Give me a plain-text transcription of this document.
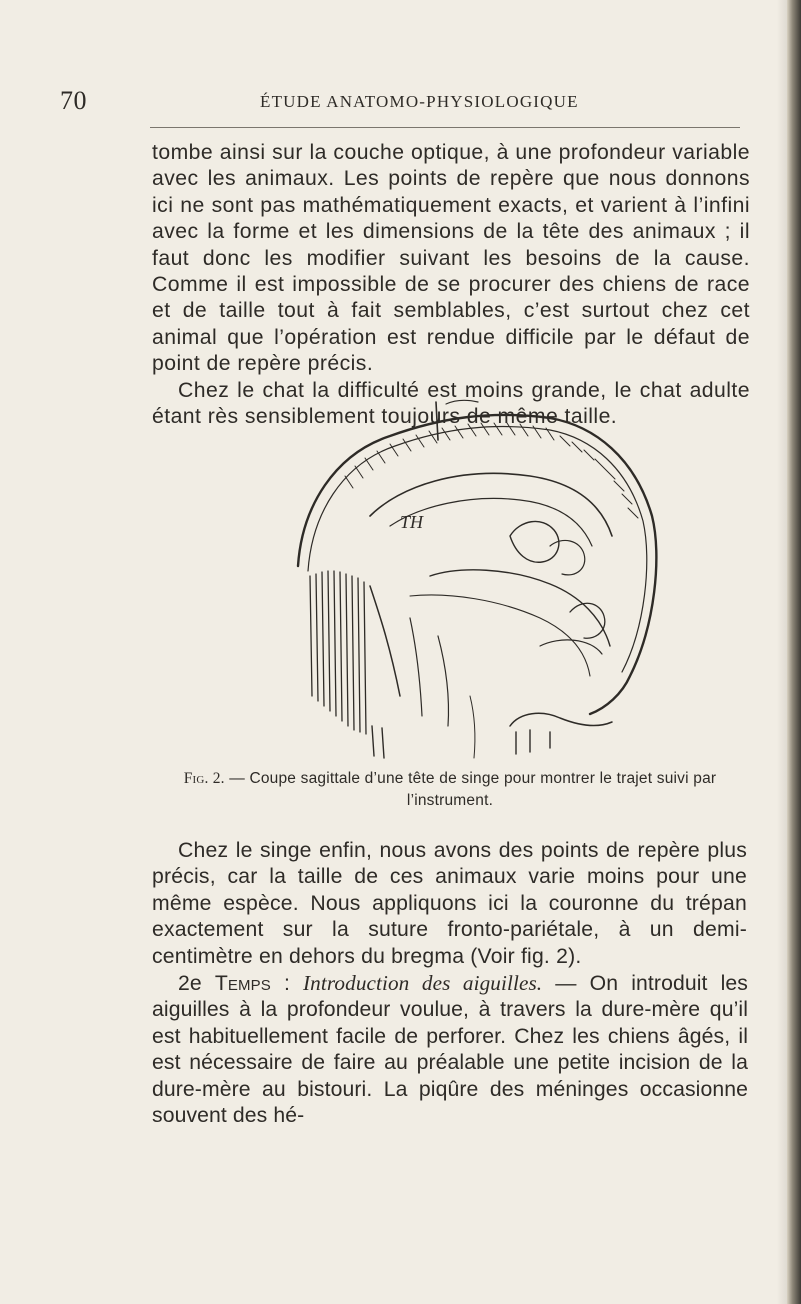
70	ÉTUDE ANATOMO-PHYSIOLOGIQUE

tombe ainsi sur la couche optique, à une profondeur variable avec les animaux. Les points de repère que nous donnons ici ne sont pas mathématiquement exacts, et varient à l’infini avec la forme et les dimensions de la tête des animaux ; il faut donc les modifier suivant les besoins de la cause. Comme il est impossible de se procurer des chiens de race et de taille tout à fait semblables, c’est surtout chez cet animal que l’opération est rendue difficile par le défaut de point de repère précis.
Chez le chat la difficulté est moins grande, le chat adulte étant rès sensiblement toujours de même taille.

TH
Fig. 2. — Coupe sagittale d’une tête de singe pour montrer le trajet suivi par l’instrument.

Chez le singe enfin, nous avons des points de repère plus précis, car la taille de ces animaux varie moins pour une même espèce. Nous appliquons ici la couronne du trépan exactement sur la suture fronto-pariétale, à un demi-centimètre en dehors du bregma (Voir fig. 2).

2e Temps : Introduction des aiguilles. — On introduit les aiguilles à la profondeur voulue, à travers la dure-mère qu’il est habituellement facile de perforer. Chez les chiens âgés, il est nécessaire de faire au préalable une petite incision de la dure-mère au bistouri. La piqûre des méninges occasionne souvent des hé-
